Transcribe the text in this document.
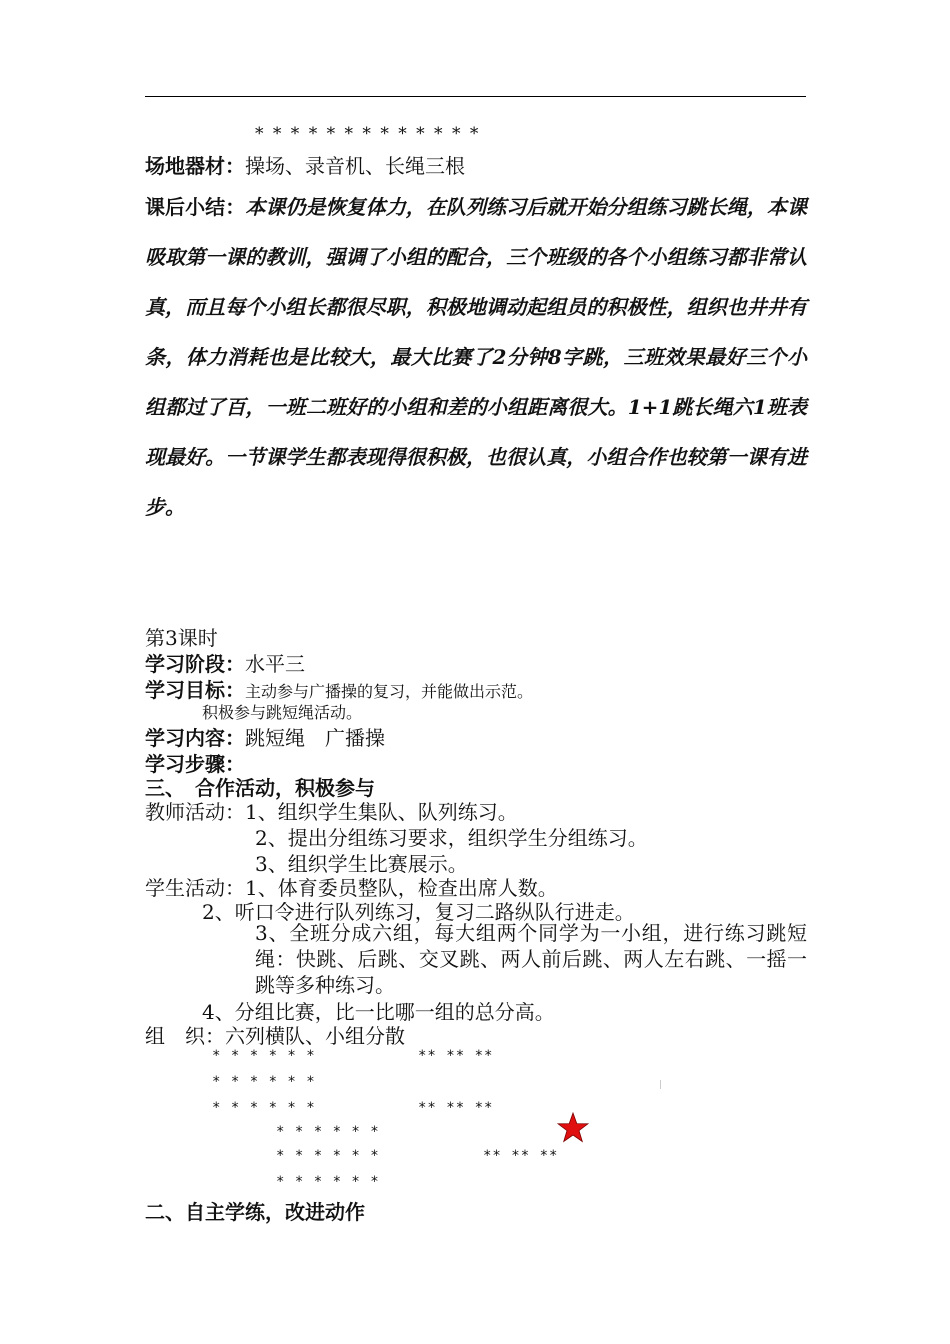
* * * * * * * * * * * * *
场地器材：操场、录音机、长绳三根
课后小结：本课仍是恢复体力，在队列练习后就开始分组练习跳长绳，本课吸取第一课的教训，强调了小组的配合，三个班级的各个小组练习都非常认真，而且每个小组长都很尽职，积极地调动起组员的积极性，组织也井井有条，体力消耗也是比较大，最大比赛了2分钟8字跳，三班效果最好三个小组都过了百，一班二班好的小组和差的小组距离很大。1+1跳长绳六1班表现最好。一节课学生都表现得很积极，也很认真，小组合作也较第一课有进步。
第3课时
学习阶段：水平三
学习目标：主动参与广播操的复习，并能做出示范。
积极参与跳短绳活动。
学习内容：跳短绳　广播操
学习步骤：
三、　合作活动，积极参与
教师活动：1、组织学生集队、队列练习。
2、提出分组练习要求，组织学生分组练习。
3、组织学生比赛展示。
学生活动：1、体育委员整队，检查出席人数。
2、听口令进行队列练习，复习二路纵队行进走。
3、全班分成六组，每大组两个同学为一小组，进行练习跳短绳：快跳、后跳、交叉跳、两人前后跳、两人左右跳、一摇一跳等多种练习。
4、分组比赛，比一比哪一组的总分高。
组　织：六列横队、小组分散
* * * * * *
* * * * * *
* * * * * *
* * * * * *
* * * * * *
* * * * * *
** ** **
** ** **
** ** **
二、自主学练，改进动作
